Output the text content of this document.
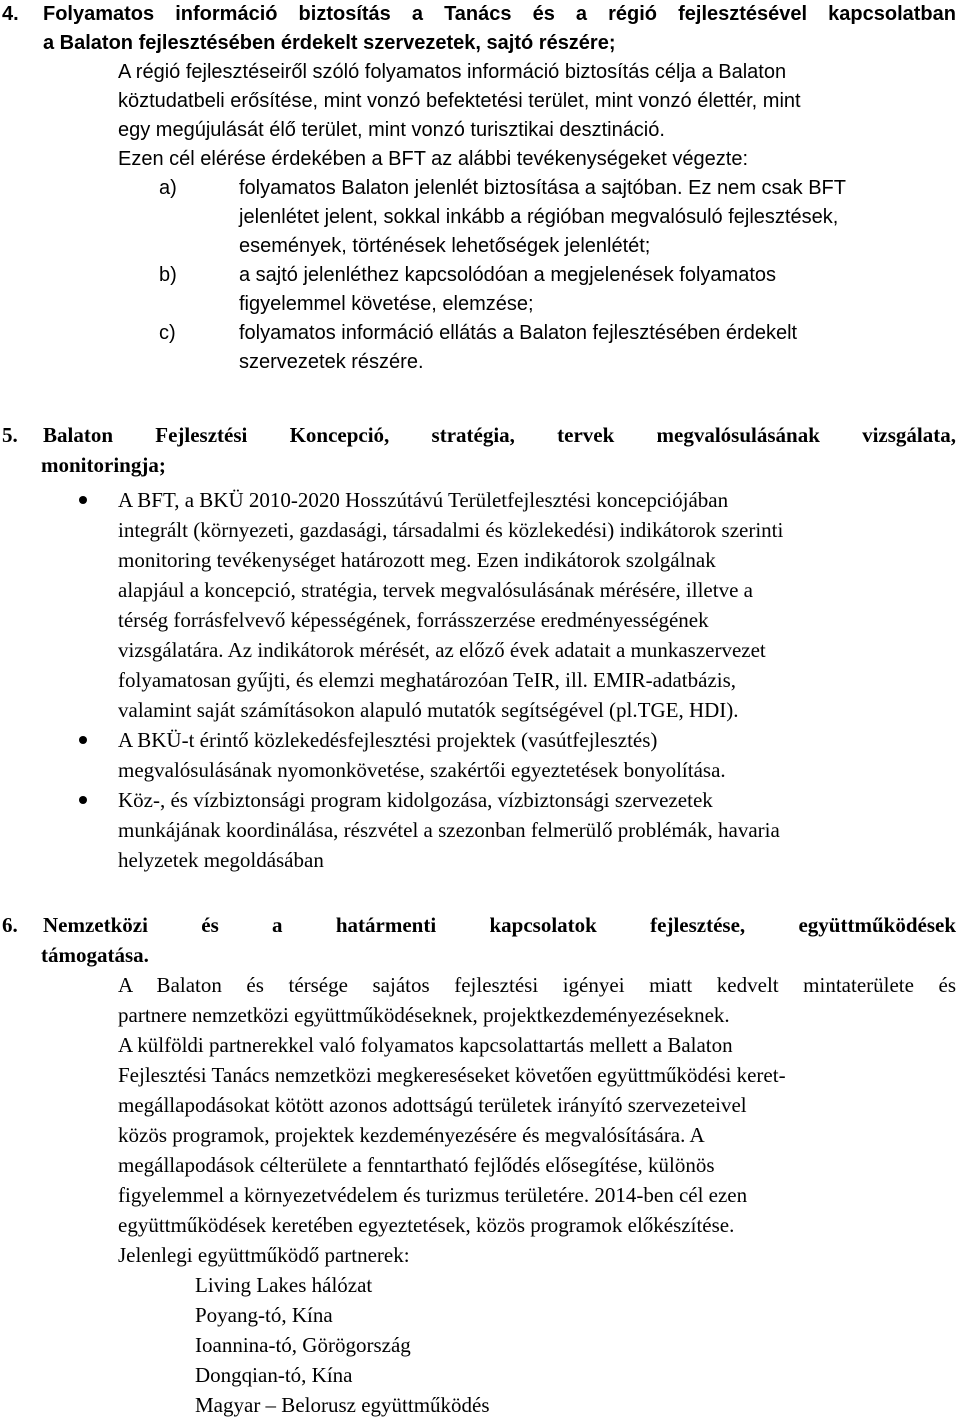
4.	Folyamatos információ biztosítás a Tanács és a régió fejlesztésével kapcsolatban
a Balaton fejlesztésében érdekelt szervezetek, sajtó részére;
A régió fejlesztéseiről szóló folyamatos információ biztosítás célja a Balaton
köztudatbeli erősítése, mint vonzó befektetési terület, mint vonzó élettér, mint
egy megújulását élő terület, mint vonzó turisztikai desztináció.
Ezen cél elérése érdekében a BFT az alábbi tevékenységeket végezte:
a)	folyamatos Balaton jelenlét biztosítása a sajtóban. Ez nem csak BFT
jelenlétet jelent, sokkal inkább a régióban megvalósuló fejlesztések,
események, történések lehetőségek jelenlétét;
b)	a sajtó jelenléthez kapcsolódóan a megjelenések folyamatos
figyelemmel követése, elemzése;
c)	folyamatos információ ellátás a Balaton fejlesztésében érdekelt
szervezetek részére.
5.	Balaton Fejlesztési Koncepció, stratégia, tervek megvalósulásának vizsgálata,
monitoringja;
A BFT, a BKÜ 2010-2020 Hosszútávú Területfejlesztési koncepciójában
integrált (környezeti, gazdasági, társadalmi és közlekedési) indikátorok szerinti
monitoring tevékenységet határozott meg. Ezen indikátorok szolgálnak
alapjául a koncepció, stratégia, tervek megvalósulásának mérésére, illetve a
térség forrásfelvevő képességének, forrásszerzése eredményességének
vizsgálatára. Az indikátorok mérését, az előző évek adatait a munkaszervezet
folyamatosan gyűjti, és elemzi meghatározóan TeIR, ill. EMIR-adatbázis,
valamint saját számításokon alapuló mutatók segítségével (pl.TGE, HDI).
A BKÜ-t érintő közlekedésfejlesztési projektek (vasútfejlesztés)
megvalósulásának nyomonkövetése, szakértői egyeztetések bonyolítása.
Köz-, és vízbiztonsági program kidolgozása, vízbiztonsági szervezetek
munkájának koordinálása, részvétel a szezonban felmerülő problémák, havaria
helyzetek megoldásában
6.	Nemzetközi és a határmenti kapcsolatok fejlesztése, együttműködések
támogatása.
A Balaton és térsége sajátos fejlesztési igényei miatt kedvelt mintaterülete és
partnere nemzetközi együttműködéseknek, projektkezdeményezéseknek.
A külföldi partnerekkel való folyamatos kapcsolattartás mellett a Balaton
Fejlesztési Tanács nemzetközi megkereséseket követően együttműködési keret-
megállapodásokat kötött azonos adottságú területek irányító szervezeteivel
közös programok, projektek kezdeményezésére és megvalósítására. A
megállapodások célterülete a fenntartható fejlődés elősegítése, különös
figyelemmel a környezetvédelem és turizmus területére. 2014-ben cél ezen
együttműködések keretében egyeztetések, közös programok előkészítése.
Jelenlegi együttműködő partnerek:
Living Lakes hálózat
Poyang-tó, Kína
Ioannina-tó, Görögország
Dongqian-tó, Kína
Magyar – Belorusz együttműködés
